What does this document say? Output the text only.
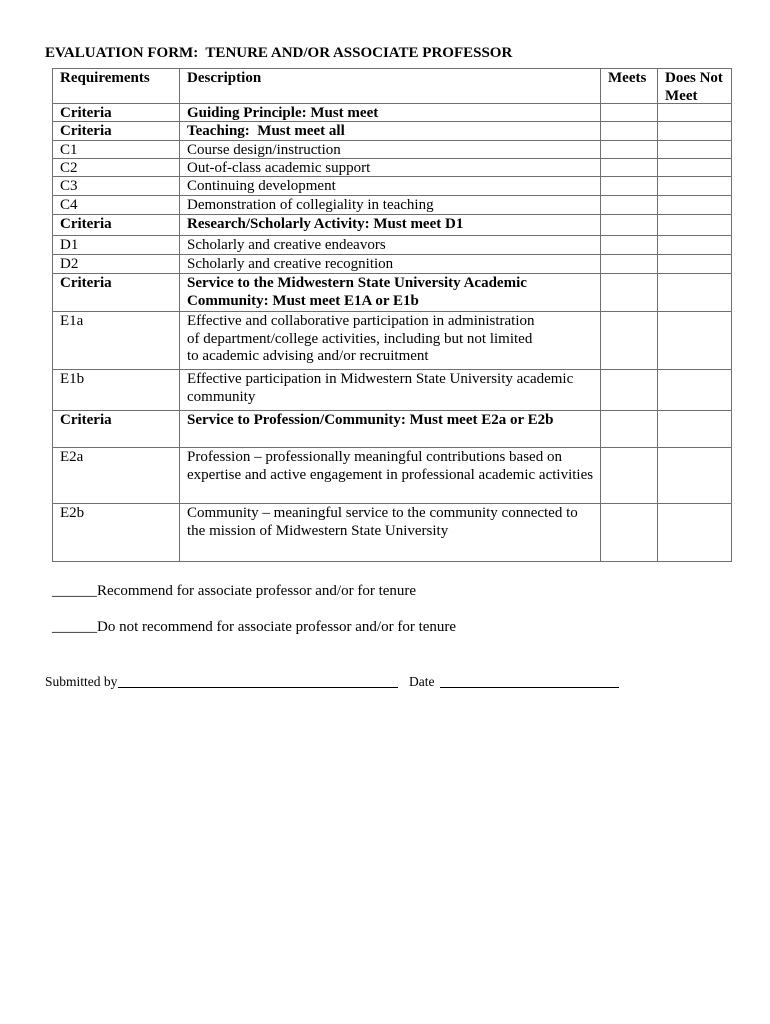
EVALUATION FORM:  TENURE AND/OR ASSOCIATE PROFESSOR
Requirements	Description	Meets	Does Not
Meet
Criteria	Guiding Principle: Must meet
Criteria	Teaching:  Must meet all
C1	Course design/instruction
C2	Out-of-class academic support
C3	Continuing development
C4	Demonstration of collegiality in teaching
Criteria	Research/Scholarly Activity: Must meet D1
D1	Scholarly and creative endeavors
D2	Scholarly and creative recognition
Criteria	Service to the Midwestern State University Academic
Community: Must meet E1A or E1b
E1a	Effective and collaborative participation in administration
of department/college activities, including but not limited
to academic advising and/or recruitment
E1b	Effective participation in Midwestern State University academic
community
Criteria	Service to Profession/Community: Must meet E2a or E2b
E2a	Profession – professionally meaningful contributions based on
expertise and active engagement in professional academic activities
E2b	Community – meaningful service to the community connected to
the mission of Midwestern State University
______Recommend for associate professor and/or for tenure
______Do not recommend for associate professor and/or for tenure
Submitted by	Date
